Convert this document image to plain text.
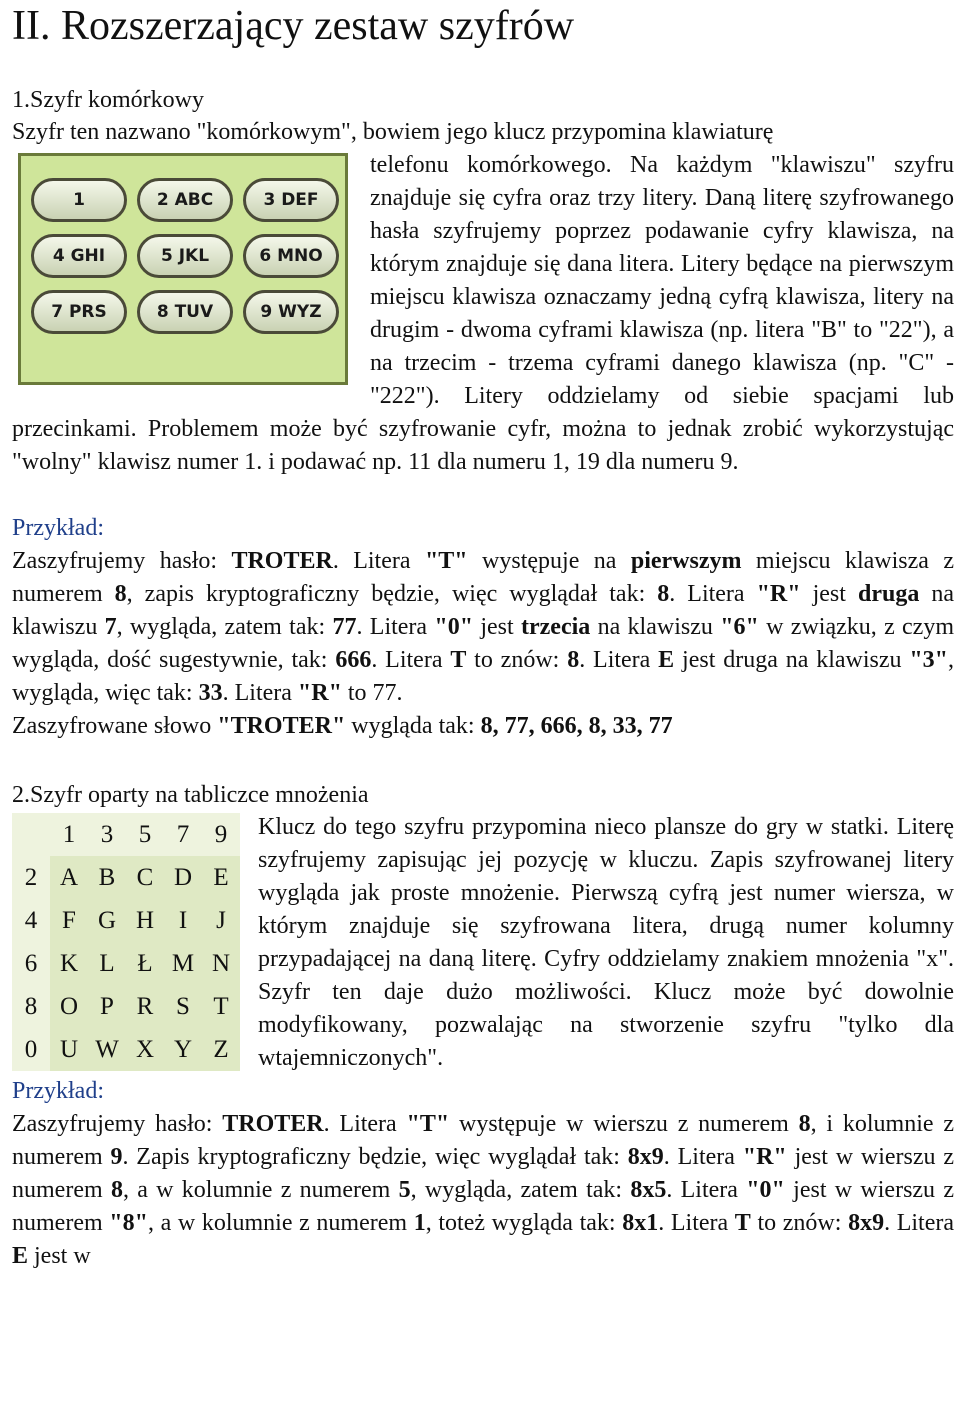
II. Rozszerzający zestaw szyfrów
1.Szyfr komórkowy

Szyfr ten nazwano "komórkowym", bowiem jego klucz przypomina klawiaturę

1	2 ABC	3 DEF
4 GHI	5 JKL	6 MNO
7 PRS	8 TUV	9 WYZ

telefonu komórkowego. Na każdym "klawiszu" szyfru znajduje się cyfra oraz trzy litery. Daną literę szyfrowanego hasła szyfrujemy poprzez podawanie cyfry klawisza, na którym znajduje się dana litera. Litery będące na pierwszym miejscu klawisza oznaczamy jedną cyfrą klawisza, litery na drugim - dwoma cyframi klawisza (np. litera "B" to "22"), a na trzecim - trzema cyframi danego klawisza (np. "C" - "222"). Litery oddzielamy od siebie spacjami lub przecinkami. Problemem może być szyfrowanie cyfr, można to jednak zrobić wykorzystując "wolny" klawisz numer 1. i podawać np. 11 dla numeru 1, 19 dla numeru 9.

Przykład:

Zaszyfrujemy hasło: TROTER. Litera "T" występuje na pierwszym miejscu klawisza z numerem 8, zapis kryptograficzny będzie, więc wyglądał tak: 8. Litera "R" jest druga na klawiszu 7, wygląda, zatem tak: 77. Litera "0" jest trzecia na klawiszu "6" w związku, z czym wygląda, dość sugestywnie, tak: 666. Litera T to znów: 8. Litera E jest druga na klawiszu "3", wygląda, więc tak: 33. Litera "R" to 77.

Zaszyfrowane słowo "TROTER" wygląda tak: 8, 77, 666, 8, 33, 77

2.Szyfr oparty na tabliczce mnożenia
	1	3	5	7	9
2	A	B	C	D	E
4	F	G	H	I	J
6	K	L	Ł	M	N
8	O	P	R	S	T
0	U	W	X	Y	Z

Klucz do tego szyfru przypomina nieco plansze do gry w statki. Literę szyfrujemy zapisując jej pozycję w kluczu. Zapis szyfrowanej litery wygląda jak proste mnożenie. Pierwszą cyfrą jest numer wiersza, w którym znajduje się szyfrowana litera, drugą numer kolumny przypadającej na daną literę. Cyfry oddzielamy znakiem mnożenia "x". Szyfr ten daje dużo możliwości. Klucz może być dowolnie modyfikowany, pozwalając na stworzenie szyfru "tylko dla wtajemniczonych".

Przykład:

Zaszyfrujemy hasło: TROTER. Litera "T" występuje w wierszu z numerem 8, i kolumnie z numerem 9. Zapis kryptograficzny będzie, więc wyglądał tak: 8x9. Litera "R" jest w wierszu z numerem 8, a w kolumnie z numerem 5, wygląda, zatem tak: 8x5. Litera "0" jest w wierszu z numerem "8", a w kolumnie z numerem 1, toteż wygląda tak: 8x1. Litera T to znów: 8x9. Litera E jest w
